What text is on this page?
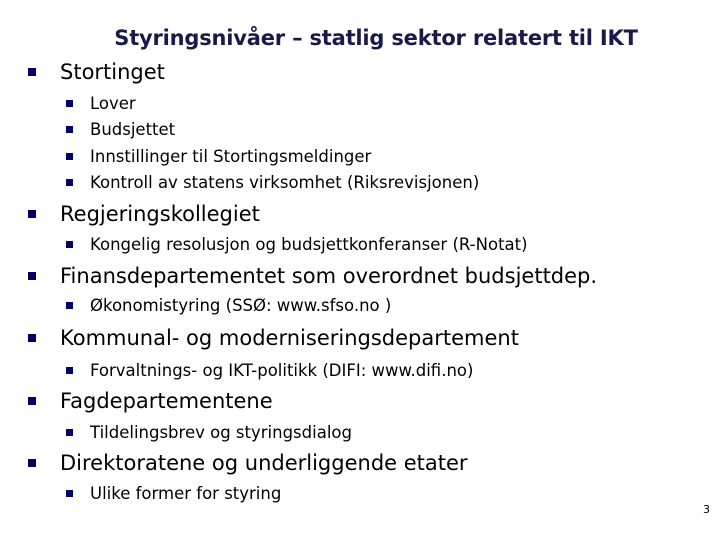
Styringsnivåer – statlig sektor relatert til IKT
Stortinget
Lover
Budsjettet
Innstillinger til Stortingsmeldinger
Kontroll av statens virksomhet (Riksrevisjonen)
Regjeringskollegiet
Kongelig resolusjon og budsjettkonferanser (R-Notat)
Finansdepartementet som overordnet budsjettdep.
Økonomistyring (SSØ: www.sfso.no )
Kommunal- og moderniseringsdepartement
Forvaltnings- og IKT-politikk (DIFI: www.difi.no)
Fagdepartementene
Tildelingsbrev og styringsdialog
Direktoratene og underliggende etater
Ulike former for styring
3
